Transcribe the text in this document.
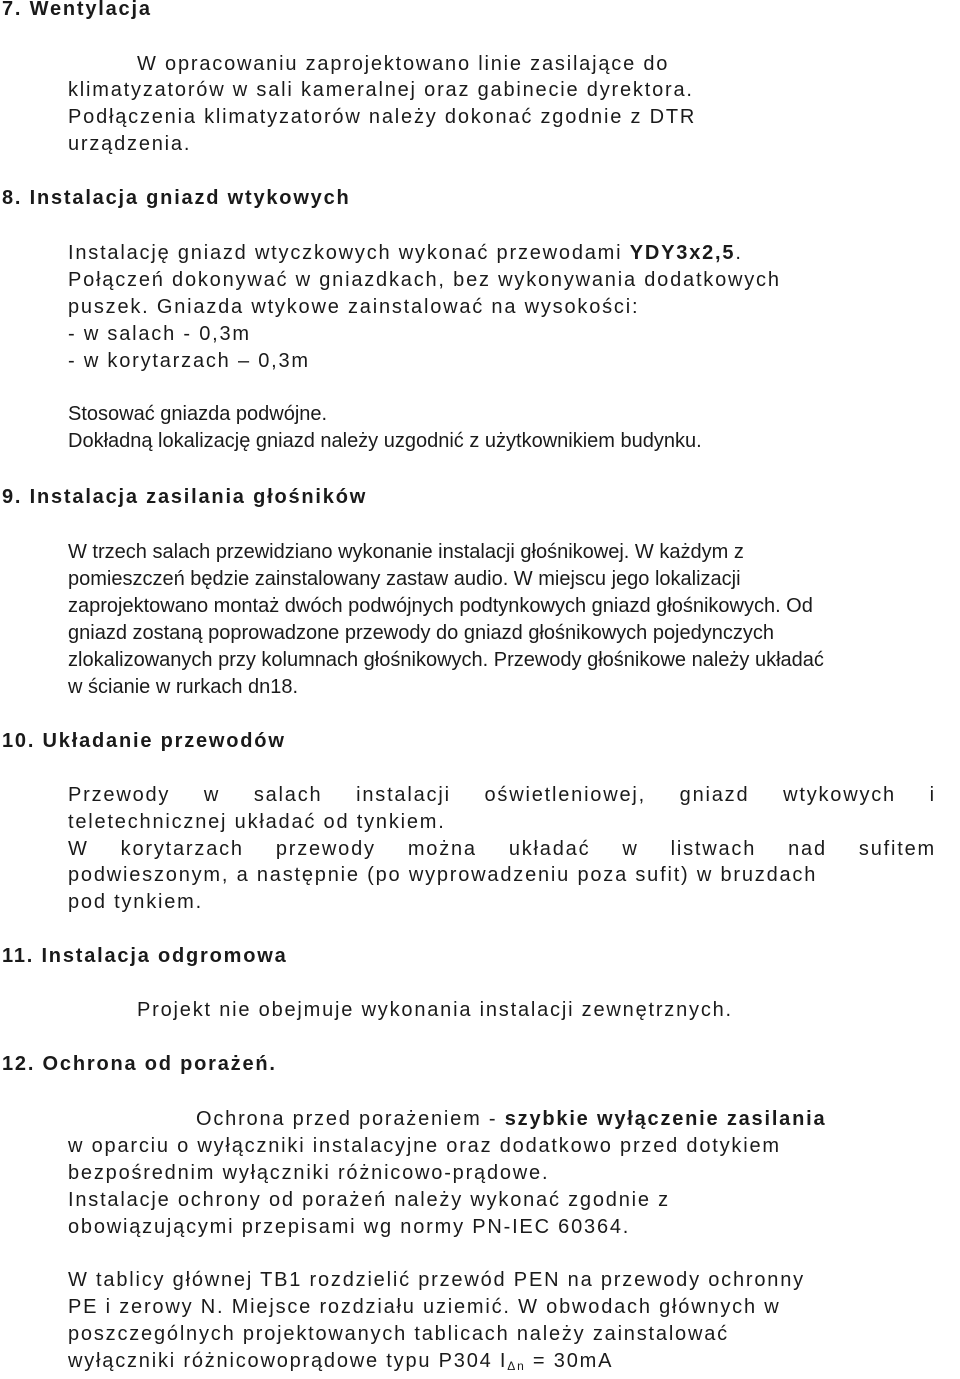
7. Wentylacja
W opracowaniu zaprojektowano linie zasilające do
klimatyzatorów w sali kameralnej oraz gabinecie dyrektora.
Podłączenia klimatyzatorów należy dokonać zgodnie z DTR
urządzenia.
8. Instalacja gniazd wtykowych
Instalację gniazd wtyczkowych wykonać przewodami YDY3x2,5.
Połączeń dokonywać w gniazdkach, bez wykonywania dodatkowych
puszek. Gniazda wtykowe zainstalować na wysokości:
- w salach - 0,3m
- w korytarzach – 0,3m
Stosować gniazda podwójne.
Dokładną lokalizację gniazd należy uzgodnić z użytkownikiem budynku.
9. Instalacja zasilania głośników
W trzech salach przewidziano wykonanie instalacji głośnikowej. W każdym z
pomieszczeń będzie zainstalowany zastaw audio. W miejscu jego lokalizacji
zaprojektowano montaż dwóch podwójnych podtynkowych gniazd głośnikowych. Od
gniazd zostaną poprowadzone przewody do gniazd głośnikowych pojedynczych
zlokalizowanych przy kolumnach głośnikowych. Przewody głośnikowe należy układać
w ścianie w rurkach dn18.
10. Układanie przewodów
Przewody w salach instalacji oświetleniowej, gniazd wtykowych i
teletechnicznej układać od tynkiem.
W korytarzach przewody można układać w listwach nad sufitem
podwieszonym, a następnie (po wyprowadzeniu poza sufit) w bruzdach
pod tynkiem.
11. Instalacja odgromowa
Projekt nie obejmuje wykonania instalacji zewnętrznych.
12. Ochrona od porażeń.
Ochrona przed porażeniem - szybkie wyłączenie zasilania
w oparciu o wyłączniki instalacyjne oraz dodatkowo przed dotykiem
bezpośrednim wyłączniki różnicowo-prądowe.
Instalacje ochrony od porażeń należy wykonać zgodnie z
obowiązującymi przepisami wg normy PN-IEC 60364.
W tablicy głównej TB1 rozdzielić przewód PEN na przewody ochronny
PE i zerowy N. Miejsce rozdziału uziemić. W obwodach głównych w
poszczególnych projektowanych tablicach należy zainstalować
wyłączniki różnicowoprądowe typu P304 $I_{\Delta n} = 30mA$
